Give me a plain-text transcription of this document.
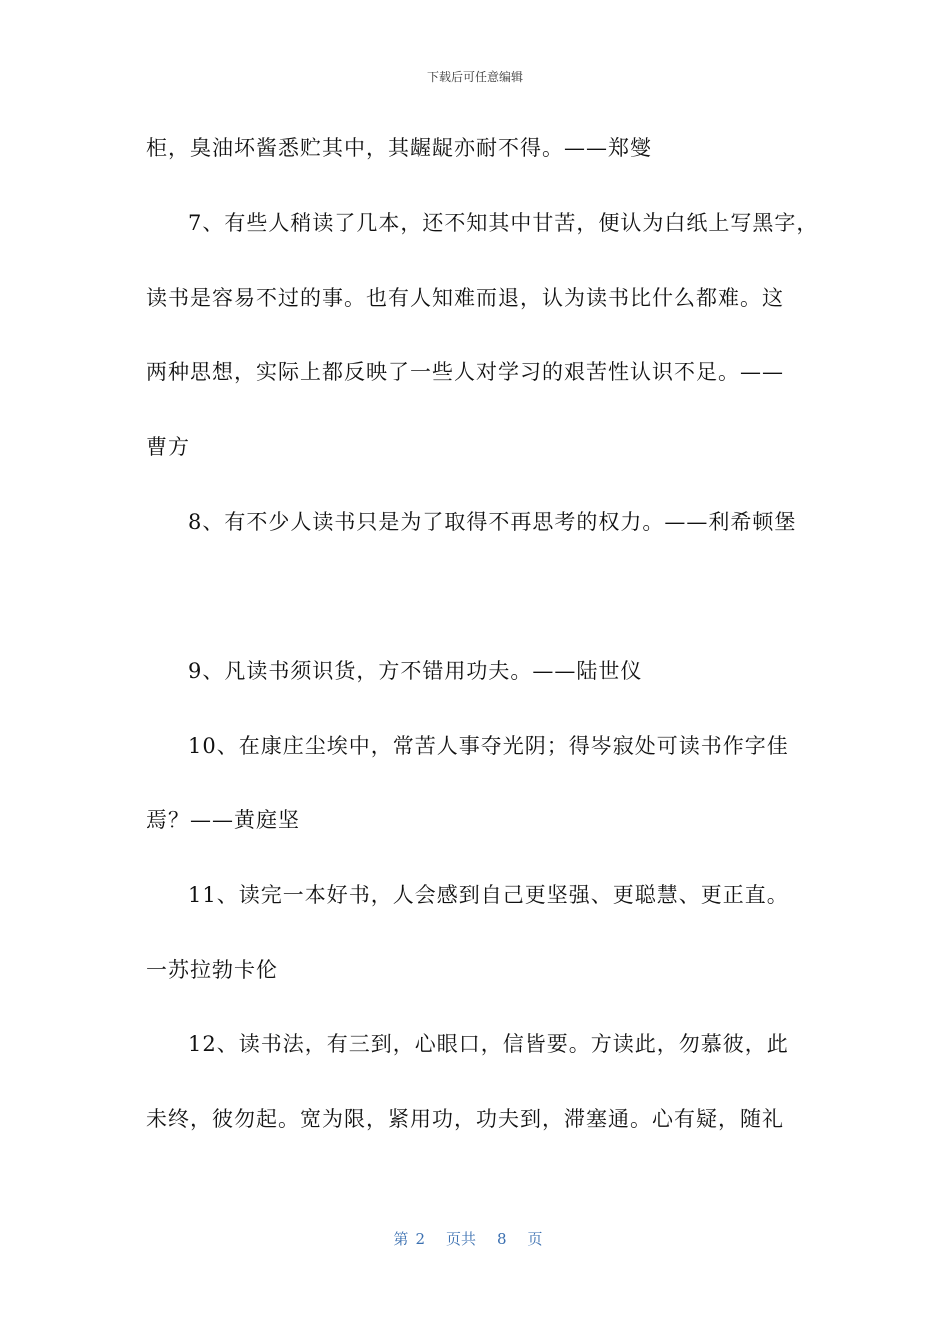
下载后可任意编辑
柜，臭油坏酱悉贮其中，其龌龊亦耐不得。——郑燮
7、有些人稍读了几本，还不知其中甘苦，便认为白纸上写黑字，
读书是容易不过的事。也有人知难而退，认为读书比什么都难。这
两种思想，实际上都反映了一些人对学习的艰苦性认识不足。——
曹方
8、有不少人读书只是为了取得不再思考的权力。——利希顿堡
9、凡读书须识货，方不错用功夫。——陆世仪
10、在康庄尘埃中，常苦人事夺光阴；得岑寂处可读书作字佳
焉？——黄庭坚
11、读完一本好书，人会感到自己更坚强、更聪慧、更正直。
一苏拉勃卡伦
12、读书法，有三到，心眼口，信皆要。方读此，勿慕彼，此
未终，彼勿起。宽为限，紧用功，功夫到，滞塞通。心有疑，随礼
第 2 页共 8 页
